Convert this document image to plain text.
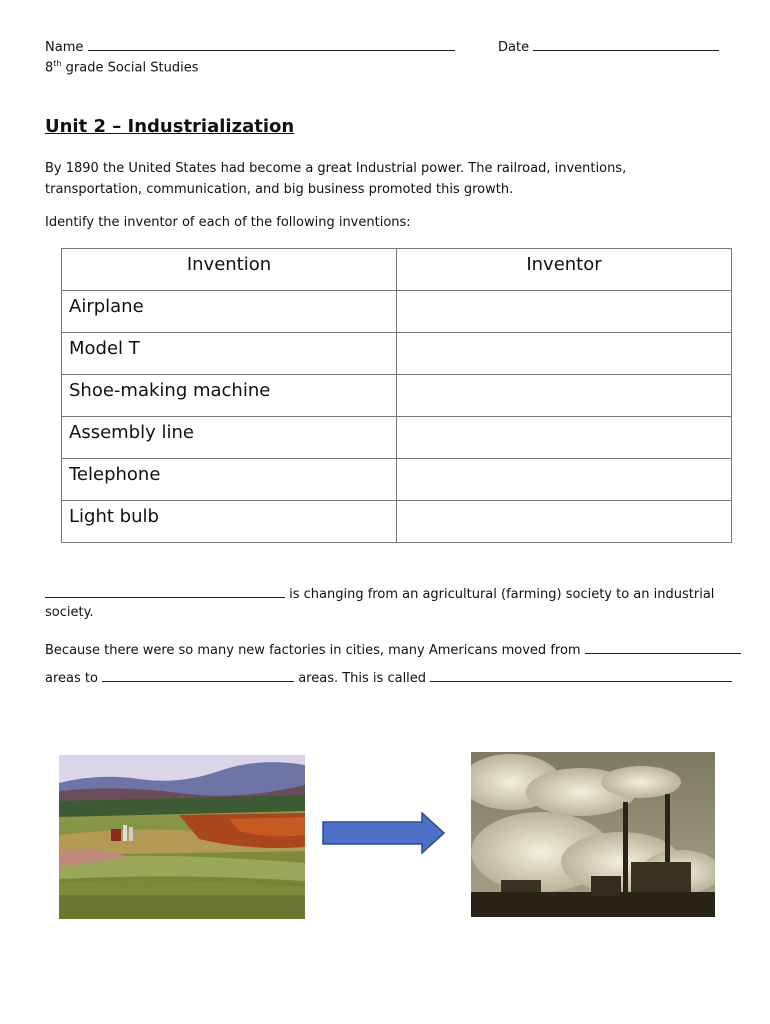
Name	Date
8th grade Social Studies
Unit 2 – Industrialization
By 1890 the United States had become a great Industrial power. The railroad, inventions, transportation, communication, and big business promoted this growth.
Identify the inventor of each of the following inventions:
Invention	Inventor
Airplane	
Model T	
Shoe-making machine	
Assembly line	
Telephone	
Light bulb	
is changing from an agricultural (farming) society to an industrial
society.
Because there were so many new factories in cities, many Americans moved from
areas to	areas. This is called
